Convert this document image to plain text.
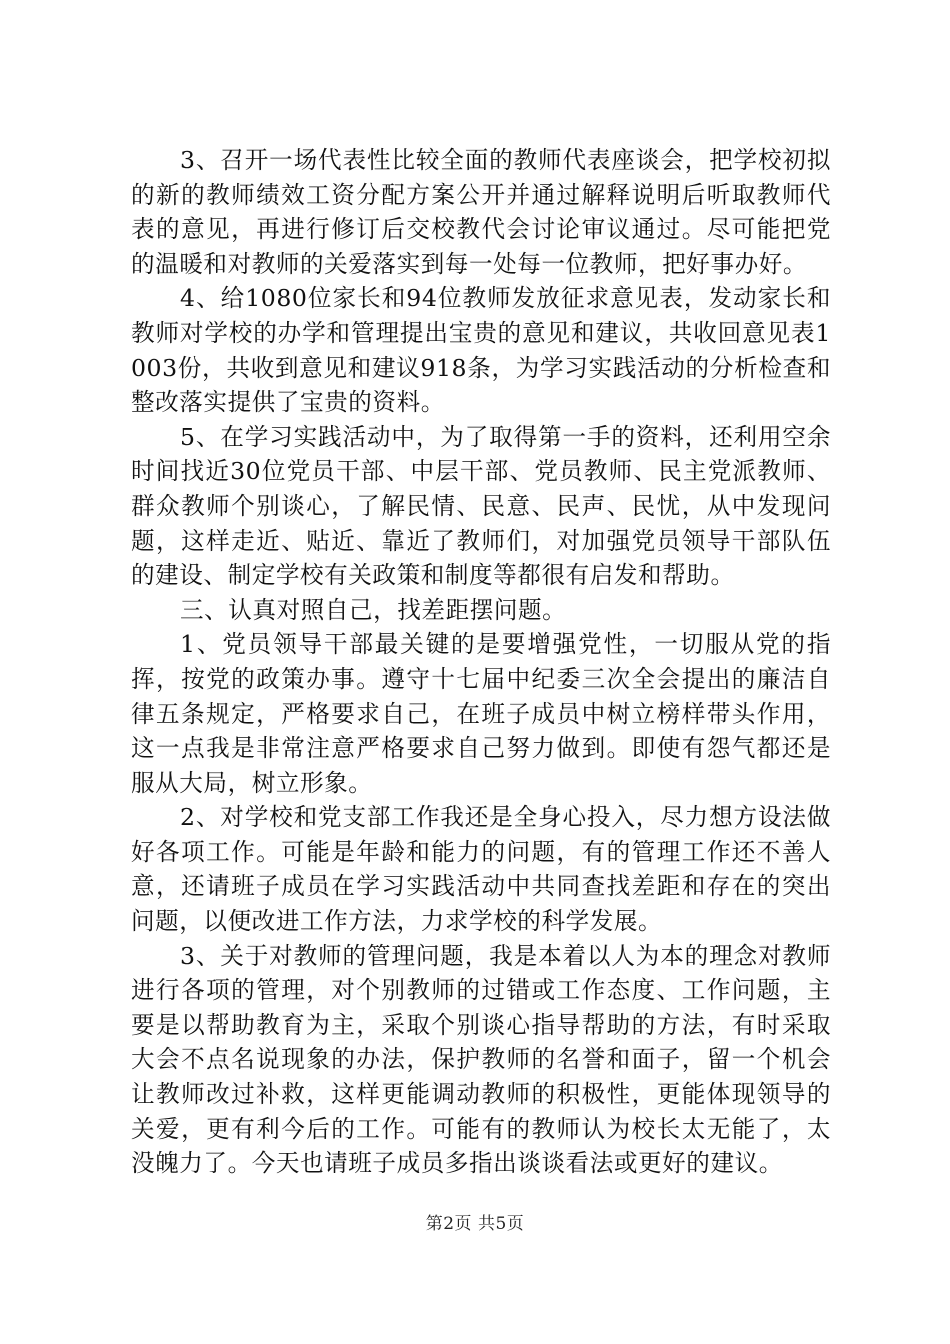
3、召开一场代表性比较全面的教师代表座谈会，把学校初拟的新的教师绩效工资分配方案公开并通过解释说明后听取教师代表的意见，再进行修订后交校教代会讨论审议通过。尽可能把党的温暖和对教师的关爱落实到每一处每一位教师，把好事办好。

4、给1080位家长和94位教师发放征求意见表，发动家长和教师对学校的办学和管理提出宝贵的意见和建议，共收回意见表1003份，共收到意见和建议918条，为学习实践活动的分析检查和整改落实提供了宝贵的资料。

5、在学习实践活动中，为了取得第一手的资料，还利用空余时间找近30位党员干部、中层干部、党员教师、民主党派教师、群众教师个别谈心，了解民情、民意、民声、民忧，从中发现问题，这样走近、贴近、靠近了教师们，对加强党员领导干部队伍的建设、制定学校有关政策和制度等都很有启发和帮助。

三、认真对照自己，找差距摆问题。

1、党员领导干部最关键的是要增强党性，一切服从党的指挥，按党的政策办事。遵守十七届中纪委三次全会提出的廉洁自律五条规定，严格要求自己，在班子成员中树立榜样带头作用，这一点我是非常注意严格要求自己努力做到。即使有怨气都还是服从大局，树立形象。

2、对学校和党支部工作我还是全身心投入，尽力想方设法做好各项工作。可能是年龄和能力的问题，有的管理工作还不善人意，还请班子成员在学习实践活动中共同查找差距和存在的突出问题，以便改进工作方法，力求学校的科学发展。

3、关于对教师的管理问题，我是本着以人为本的理念对教师进行各项的管理，对个别教师的过错或工作态度、工作问题，主要是以帮助教育为主，采取个别谈心指导帮助的方法，有时采取大会不点名说现象的办法，保护教师的名誉和面子，留一个机会让教师改过补救，这样更能调动教师的积极性，更能体现领导的关爱，更有利今后的工作。可能有的教师认为校长太无能了，太没魄力了。今天也请班子成员多指出谈谈看法或更好的建议。

第2页 共5页
